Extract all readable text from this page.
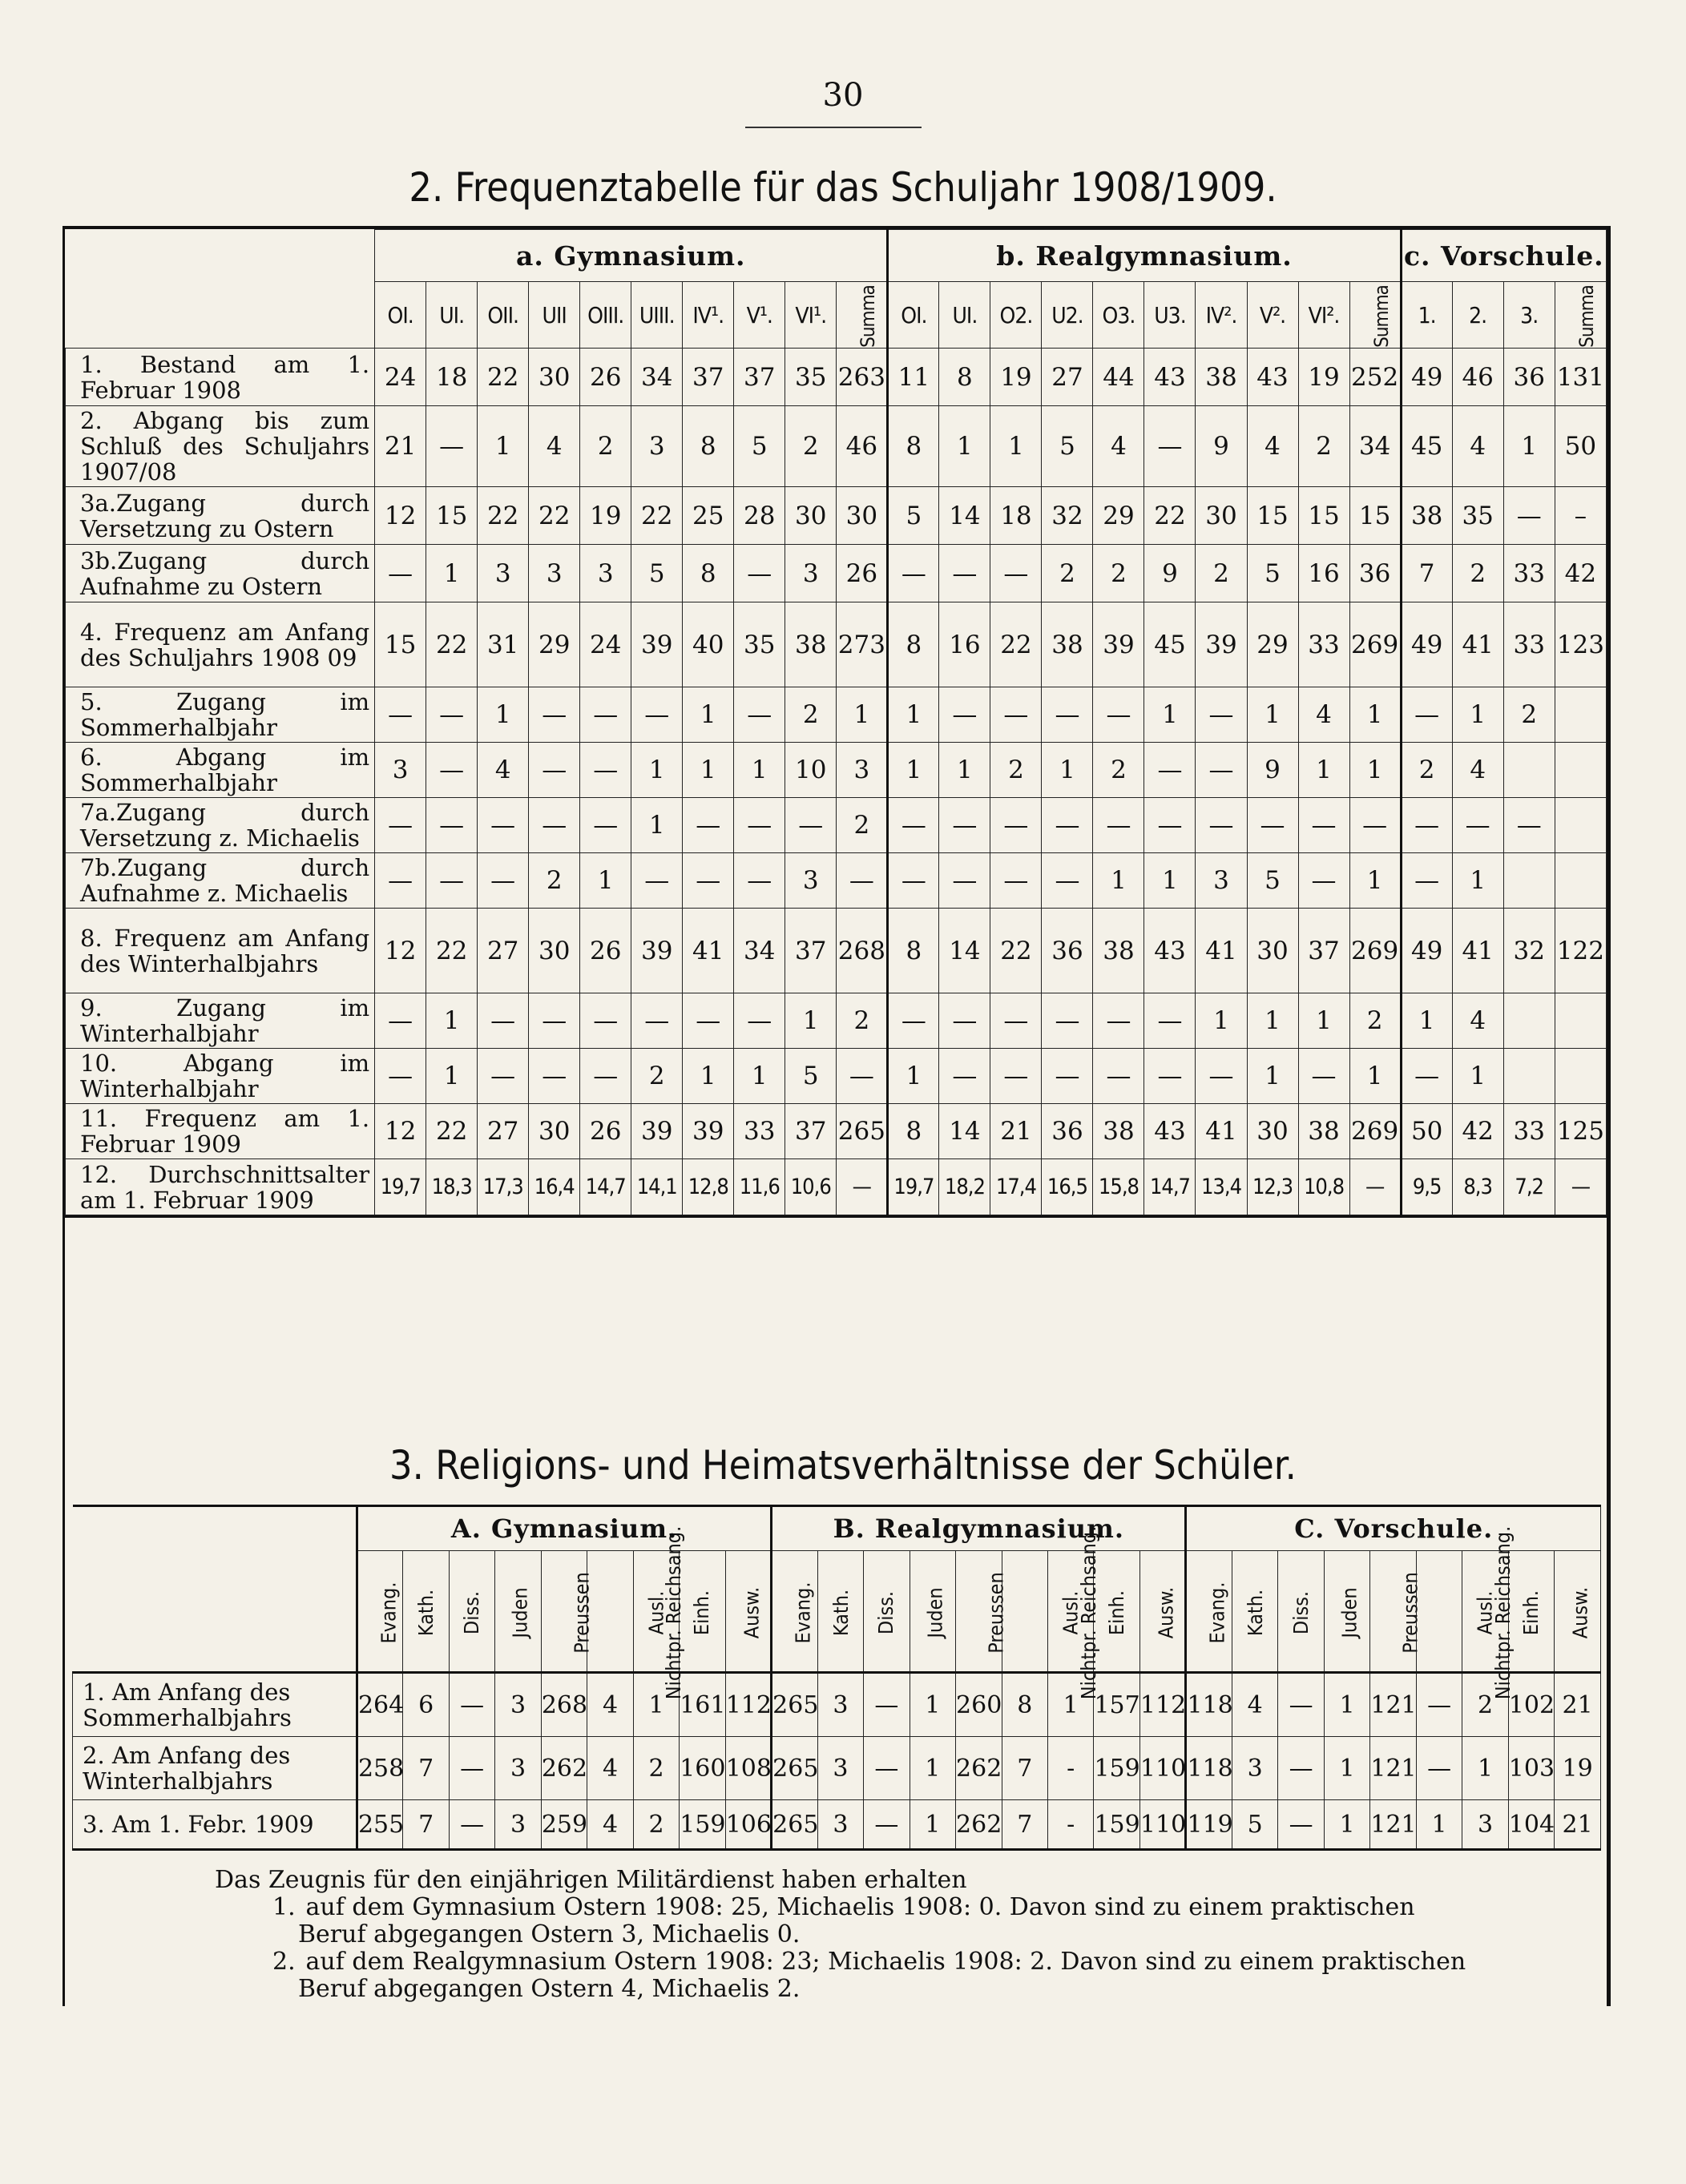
30
2. Frequenztabelle für das Schuljahr 1908/1909.
	a. Gymnasium.										b. Realgymnasium.										c. Vorschule.			
	OI.	UI.	OII.	UII	OIII.	UIII.	IV¹.	V¹.	VI¹.	Summa	OI.	UI.	O2.	U2.	O3.	U3.	IV².	V².	VI².	Summa	1.	2.	3.	Summa
1. Bestand am 1. Februar 1908	24	18	22	30	26	34	37	37	35	263	11	8	19	27	44	43	38	43	19	252	49	46	36	131
2. Abgang bis zum Schluß des Schuljahrs 1907/08	21	—	1	4	2	3	8	5	2	46	8	1	1	5	4	—	9	4	2	34	45	4	1	50
3a.Zugang durch Versetzung zu Ostern	12	15	22	22	19	22	25	28	30	30	5	14	18	32	29	22	30	15	15	15	38	35	—	–
3b.Zugang durch Aufnahme zu Ostern	—	1	3	3	3	5	8	—	3	26	—	—	—	2	2	9	2	5	16	36	7	2	33	42
4. Frequenz am Anfang des Schuljahrs 1908 09	15	22	31	29	24	39	40	35	38	273	8	16	22	38	39	45	39	29	33	269	49	41	33	123
5. Zugang im Sommerhalbjahr	—	—	1	—	—	—	1	—	2	1	1	—	—	—	—	1	—	1	4	1	—	1	2	
6. Abgang im Sommerhalbjahr	3	—	4	—	—	1	1	1	10	3	1	1	2	1	2	—	—	9	1	1	2	4		
7a.Zugang durch Versetzung z. Michaelis	—	—	—	—	—	1	—	—	—	2	—	—	—	—	—	—	—	—	—	—	—	—	—	
7b.Zugang durch Aufnahme z. Michaelis	—	—	—	2	1	—	—	—	3	—	—	—	—	—	1	1	3	5	—	1	—	1		
8. Frequenz am Anfang des Winterhalbjahrs	12	22	27	30	26	39	41	34	37	268	8	14	22	36	38	43	41	30	37	269	49	41	32	122
9. Zugang im Winterhalbjahr	—	1	—	—	—	—	—	—	1	2	—	—	—	—	—	—	1	1	1	2	1	4		
10. Abgang im Winterhalbjahr	—	1	—	—	—	2	1	1	5	—	1	—	—	—	—	—	—	1	—	1	—	1		
11. Frequenz am 1. Februar 1909	12	22	27	30	26	39	39	33	37	265	8	14	21	36	38	43	41	30	38	269	50	42	33	125
12. Durchschnittsalter am 1. Februar 1909	19,7	18,3	17,3	16,4	14,7	14,1	12,8	11,6	10,6	—	19,7	18,2	17,4	16,5	15,8	14,7	13,4	12,3	10,8	—	9,5	8,3	7,2	—
3. Religions- und Heimatsverhältnisse der Schüler.
	A. Gymnasium.									B. Realgymnasium.									C. Vorschule.								
	Evang.	Kath.	Diss.	Juden	Preussen	Nichtpr. Reichsang.	Ausl.	Einh.	Ausw.	Evang.	Kath.	Diss.	Juden	Preussen	Nichtpr. Reichsang.	Ausl.	Einh.	Ausw.	Evang.	Kath.	Diss.	Juden	Preussen	Nichtpr. Reichsang.	Ausl.	Einh.	Ausw.
1. Am Anfang des Sommerhalbjahrs	264	6	—	3	268	4	1	161	112	265	3	—	1	260	8	1	157	112	118	4	—	1	121	—	2	102	21
2. Am Anfang des Winterhalbjahrs	258	7	—	3	262	4	2	160	108	265	3	—	1	262	7	-	159	110	118	3	—	1	121	—	1	103	19
3. Am 1. Febr. 1909	255	7	—	3	259	4	2	159	106	265	3	—	1	262	7	-	159	110	119	5	—	1	121	1	3	104	21

Das Zeugnis für den einjährigen Militärdienst haben erhalten

1. auf dem Gymnasium Ostern 1908: 25, Michaelis 1908: 0. Davon sind zu einem praktischen Beruf abgegangen Ostern 3, Michaelis 0.

2. auf dem Realgymnasium Ostern 1908: 23; Michaelis 1908: 2. Davon sind zu einem praktischen Beruf abgegangen Ostern 4, Michaelis 2.
